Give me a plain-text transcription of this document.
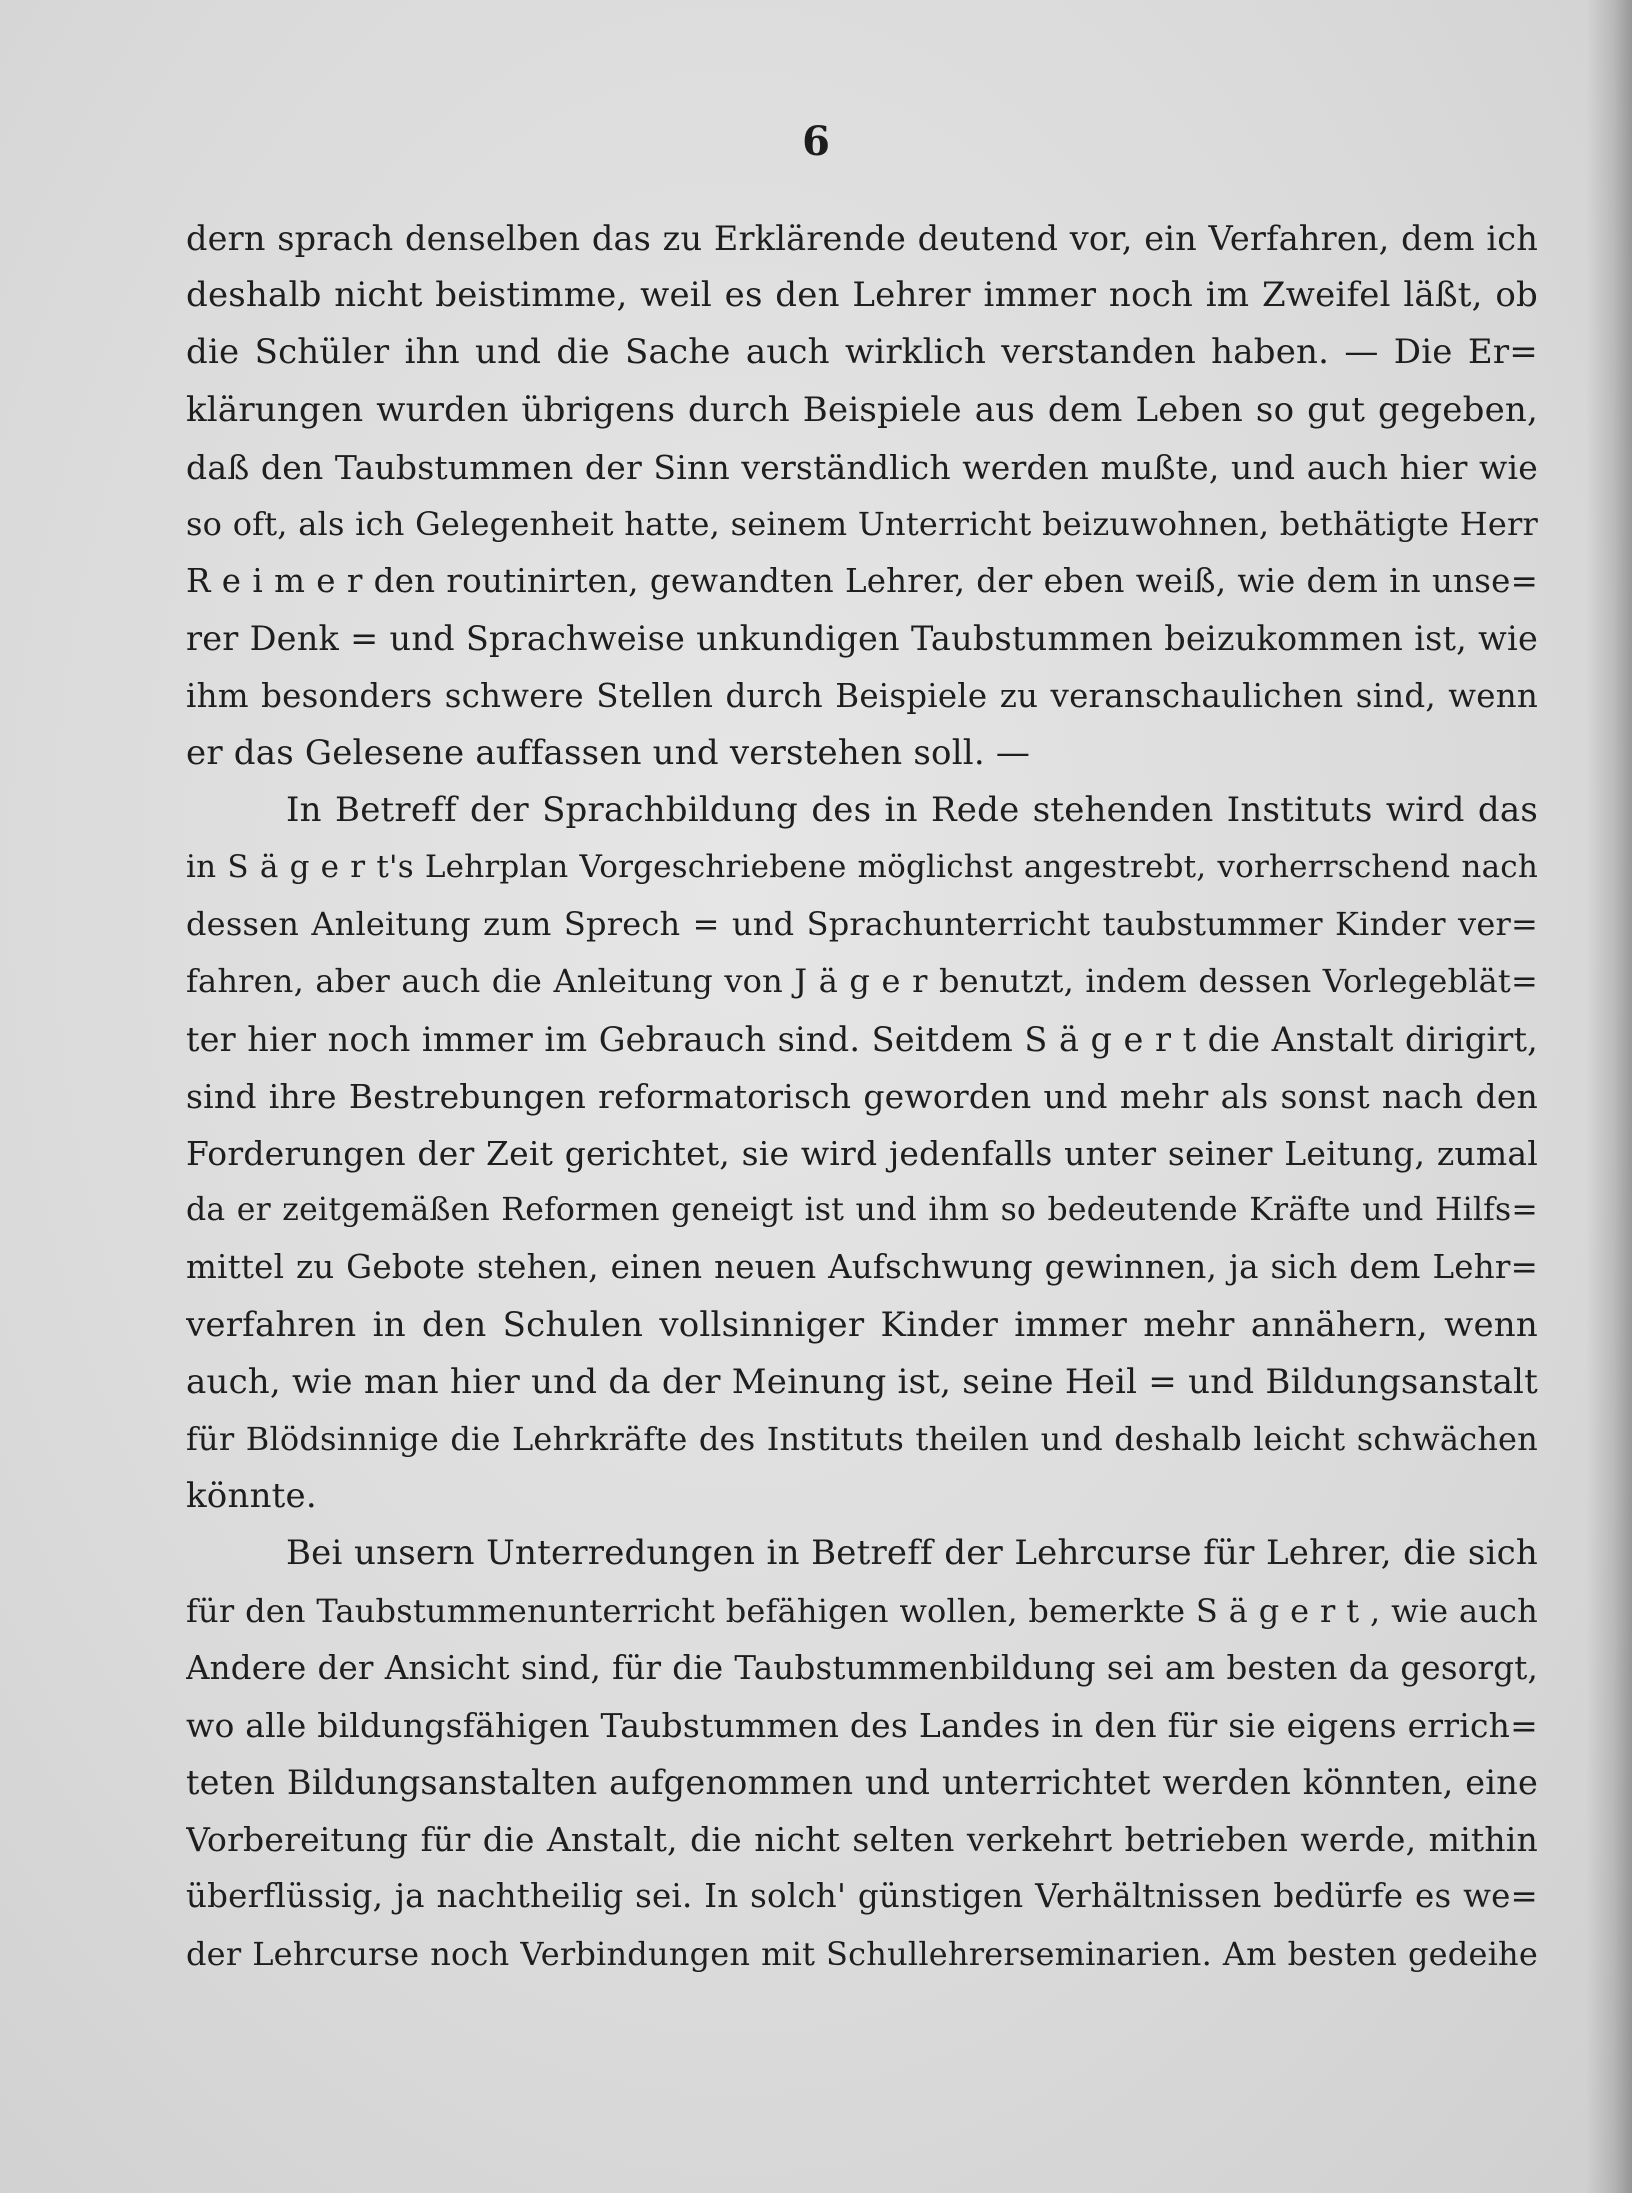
6
dern sprach denselben das zu Erklärende deutend vor, ein Verfahren, dem ich
deshalb nicht beistimme, weil es den Lehrer immer noch im Zweifel läßt, ob
die Schüler ihn und die Sache auch wirklich verstanden haben. — Die Er=
klärungen wurden übrigens durch Beispiele aus dem Leben so gut gegeben,
daß den Taubstummen der Sinn verständlich werden mußte, und auch hier wie
so oft, als ich Gelegenheit hatte, seinem Unterricht beizuwohnen, bethätigte Herr
R e i m e r den routinirten, gewandten Lehrer, der eben weiß, wie dem in unse=
rer Denk = und Sprachweise unkundigen Taubstummen beizukommen ist, wie
ihm besonders schwere Stellen durch Beispiele zu veranschaulichen sind, wenn
er das Gelesene auffassen und verstehen soll. —
In Betreff der Sprachbildung des in Rede stehenden Instituts wird das
in S ä g e r t's Lehrplan Vorgeschriebene möglichst angestrebt, vorherrschend nach
dessen Anleitung zum Sprech = und Sprachunterricht taubstummer Kinder ver=
fahren, aber auch die Anleitung von J ä g e r benutzt, indem dessen Vorlegeblät=
ter hier noch immer im Gebrauch sind. Seitdem S ä g e r t die Anstalt dirigirt,
sind ihre Bestrebungen reformatorisch geworden und mehr als sonst nach den
Forderungen der Zeit gerichtet, sie wird jedenfalls unter seiner Leitung, zumal
da er zeitgemäßen Reformen geneigt ist und ihm so bedeutende Kräfte und Hilfs=
mittel zu Gebote stehen, einen neuen Aufschwung gewinnen, ja sich dem Lehr=
verfahren in den Schulen vollsinniger Kinder immer mehr annähern, wenn
auch, wie man hier und da der Meinung ist, seine Heil = und Bildungsanstalt
für Blödsinnige die Lehrkräfte des Instituts theilen und deshalb leicht schwächen
könnte.
Bei unsern Unterredungen in Betreff der Lehrcurse für Lehrer, die sich
für den Taubstummenunterricht befähigen wollen, bemerkte S ä g e r t , wie auch
Andere der Ansicht sind, für die Taubstummenbildung sei am besten da gesorgt,
wo alle bildungsfähigen Taubstummen des Landes in den für sie eigens errich=
teten Bildungsanstalten aufgenommen und unterrichtet werden könnten, eine
Vorbereitung für die Anstalt, die nicht selten verkehrt betrieben werde, mithin
überflüssig, ja nachtheilig sei. In solch' günstigen Verhältnissen bedürfe es we=
der Lehrcurse noch Verbindungen mit Schullehrerseminarien. Am besten gedeihe
